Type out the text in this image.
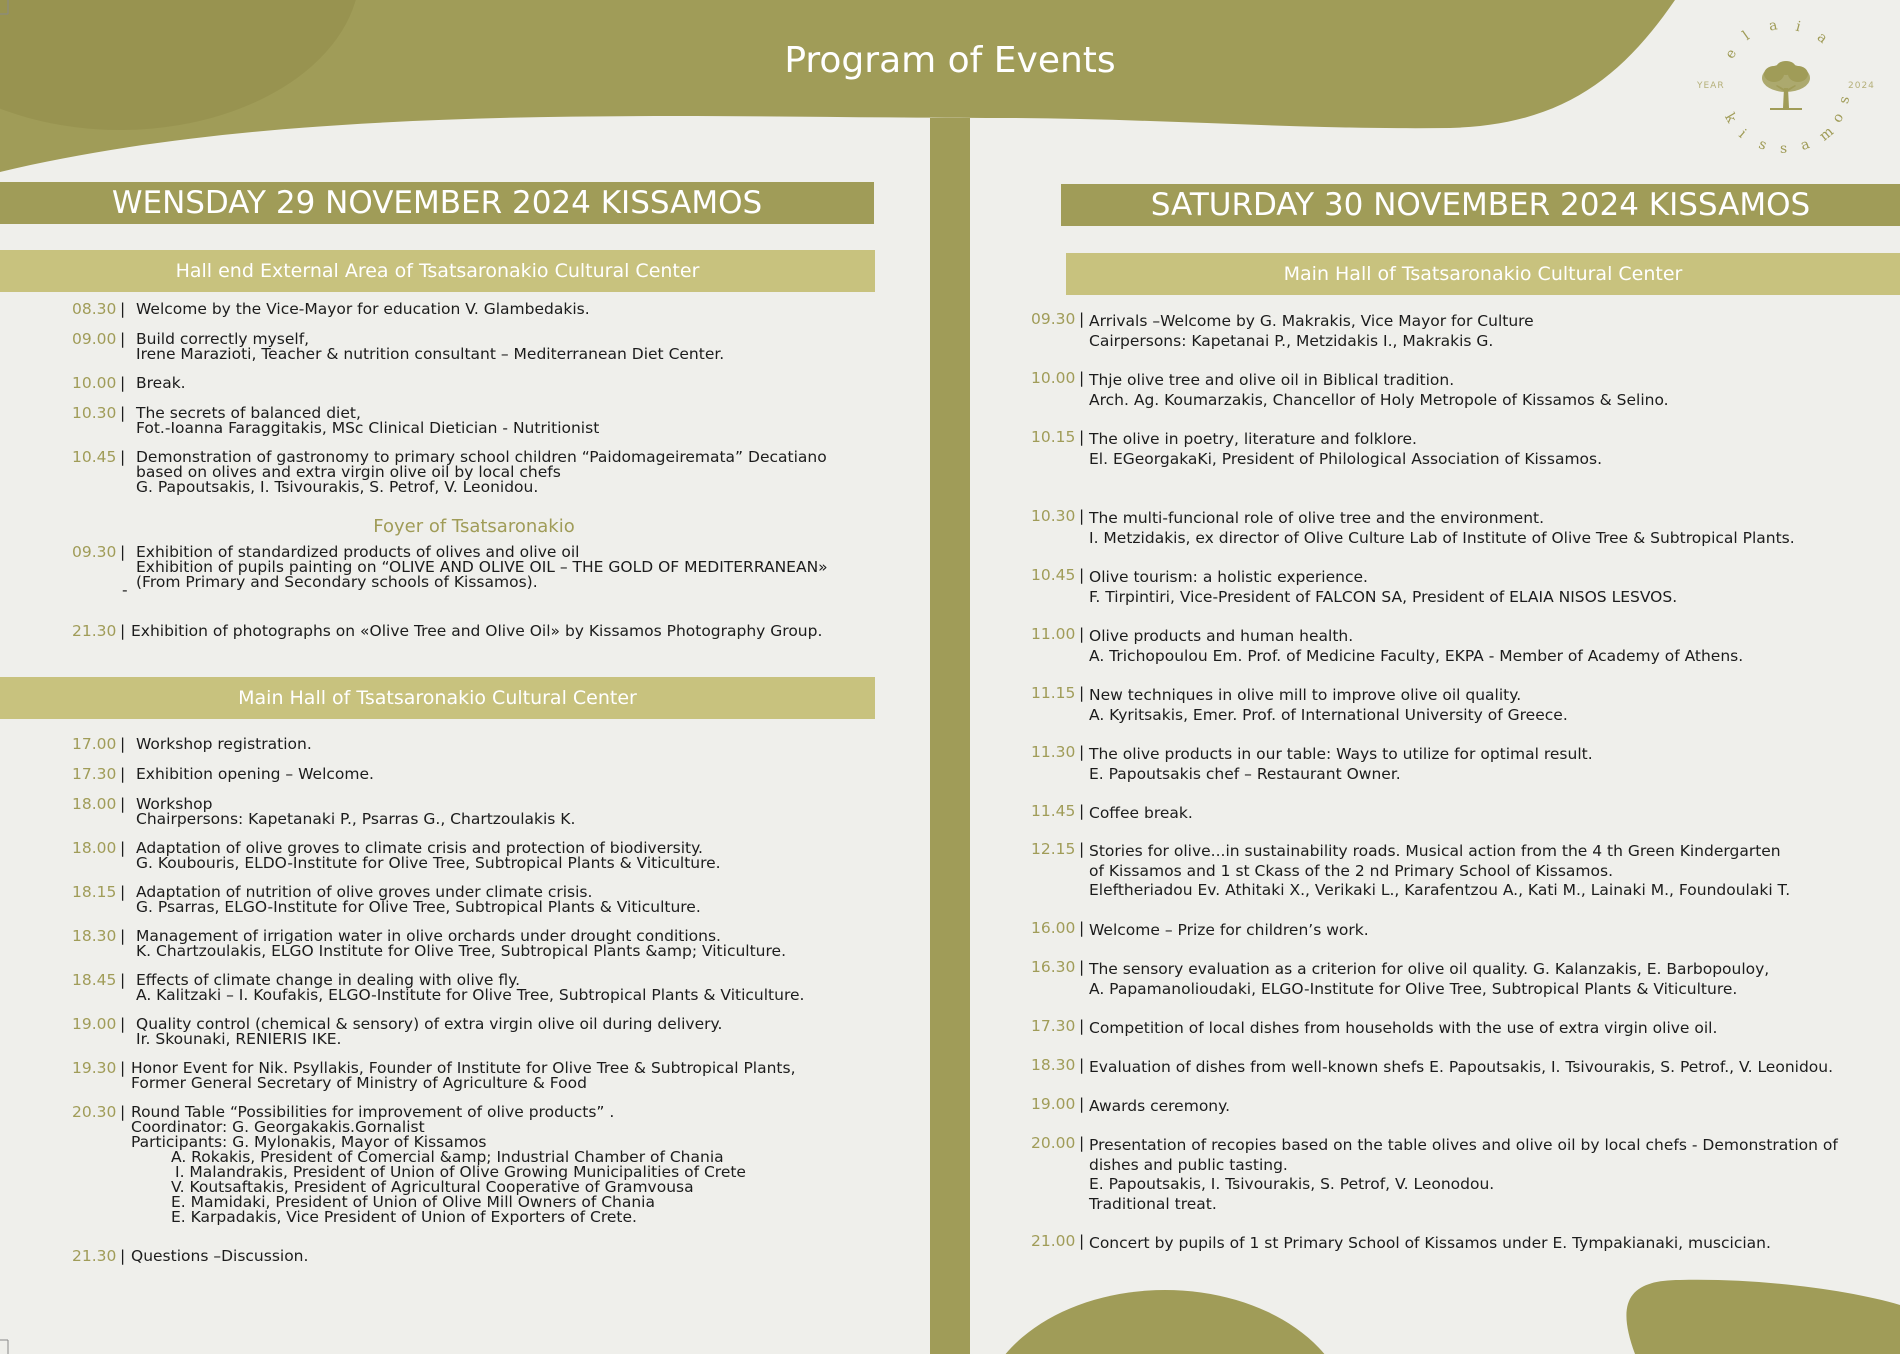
Program of Events
YEAR	2024
e
l
a i
a
k
i
s s a
m
o
s
WENSDAY 29 NOVEMBER 2024 KISSAMOS
Hall end External Area of Tsatsaronakio Cultural Center
08.30 | Welcome by the Vice-Mayor for education V. Glambedakis.
09.00 | Build correctly myself,
Irene Marazioti, Teacher & nutrition consultant – Mediterranean Diet Center.
10.00 | Break.
10.30 | The secrets of balanced diet,
Fot.-Ioanna Faraggitakis, MSc Clinical Dietician - Nutritionist
10.45 | Demonstration of gastronomy to primary school children “Paidomageiremata” Decatiano
based on olives and extra virgin olive oil by local chefs
G. Papoutsakis, I. Tsivourakis, S. Petrof, V. Leonidou.
Foyer of Tsatsaronakio
09.30 | Exhibition of standardized products of olives and olive oil
Exhibition of pupils painting on “OLIVE AND OLIVE OIL – THE GOLD OF MEDITERRANEAN»
(From Primary and Secondary schools of Kissamos).
21.30 | Exhibition of photographs on «Olive Tree and Olive Oil» by Kissamos Photography Group.
-
Main Hall of Tsatsaronakio Cultural Center
17.00 | Workshop registration.
17.30 | Exhibition opening – Welcome.
18.00 | Workshop
Chairpersons: Kapetanaki P., Psarras G., Chartzoulakis K.
18.00 | Adaptation of olive groves to climate crisis and protection of biodiversity.
G. Koubouris, ELDO-Institute for Olive Tree, Subtropical Plants & Viticulture.
18.15 | Adaptation of nutrition of olive groves under climate crisis.
G. Psarras, ELGO-Institute for Olive Tree, Subtropical Plants & Viticulture.
18.30 | Management of irrigation water in olive orchards under drought conditions.
K. Chartzoulakis, ELGO Institute for Olive Tree, Subtropical Plants &amp; Viticulture.
18.45 | Effects of climate change in dealing with olive fly.
A. Kalitzaki – I. Koufakis, ELGO-Institute for Olive Tree, Subtropical Plants & Viticulture.
19.00 | Quality control (chemical & sensory) of extra virgin olive oil during delivery.
Ir. Skounaki, RENIERIS IKE.
19.30 | Honor Event for Nik. Psyllakis, Founder of Institute for Olive Tree & Subtropical Plants,
Former General Secretary of Ministry of Agriculture & Food
20.30 | Round Table “Possibilities for improvement of olive products” .
Coordinator: G. Georgakakis.Gornalist
Participants: G. Mylonakis, Mayor of Kissamos
A. Rokakis, President of Comercial &amp; Industrial Chamber of Chania
I. Malandrakis, President of Union of Olive Growing Municipalities of Crete
V. Koutsaftakis, President of Agricultural Cooperative of Gramvousa
E. Mamidaki, President of Union of Olive Mill Owners of Chania
E. Karpadakis, Vice President of Union of Exporters of Crete.
21.30 | Questions –Discussion.
SATURDAY 30 NOVEMBER 2024 KISSAMOS
Main Hall of Tsatsaronakio Cultural Center
09.30 | Arrivals –Welcome by G. Makrakis, Vice Mayor for Culture
Cairpersons: Kapetanai P., Metzidakis I., Makrakis G.
10.00 | Thje olive tree and olive oil in Biblical tradition.
Arch. Ag. Koumarzakis, Chancellor of Holy Metropole of Kissamos & Selino.
10.15 | The olive in poetry, literature and folklore.
El. EGeorgakaKi, President of Philological Association of Kissamos.
10.30 | The multi-funcional role of olive tree and the environment.
I. Metzidakis, ex director of Olive Culture Lab of Institute of Olive Tree & Subtropical Plants.
10.45 | Olive tourism: a holistic experience.
F. Tirpintiri, Vice-President of FALCON SA, President of ELAIA NISOS LESVOS.
11.00 | Olive products and human health.
A. Trichopoulou Em. Prof. of Medicine Faculty, EKPA - Member of Academy of Athens.
11.15 | New techniques in olive mill to improve olive oil quality.
A. Kyritsakis, Emer. Prof. of International University of Greece.
11.30 | The olive products in our table: Ways to utilize for optimal result.
E. Papoutsakis chef – Restaurant Owner.
11.45 | Coffee break.
12.15 | Stories for olive...in sustainability roads. Musical action from the 4 th Green Kindergarten
of Kissamos and 1 st Ckass of the 2 nd Primary School of Kissamos.
Eleftheriadou Ev. Athitaki X., Verikaki L., Karafentzou A., Kati M., Lainaki M., Foundoulaki T.
16.00 | Welcome – Prize for children’s work.
16.30 | The sensory evaluation as a criterion for olive oil quality. G. Kalanzakis, E. Barbopouloy,
A. Papamanolioudaki, ELGO-Institute for Olive Tree, Subtropical Plants & Viticulture.
17.30 | Competition of local dishes from households with the use of extra virgin olive oil.
18.30 | Evaluation of dishes from well-known shefs E. Papoutsakis, I. Tsivourakis, S. Petrof., V. Leonidou.
19.00 | Awards ceremony.
20.00 | Presentation of recopies based on the table olives and olive oil by local chefs - Demonstration of
dishes and public tasting.
E. Papoutsakis, I. Tsivourakis, S. Petrof, V. Leonodou.
Traditional treat.
21.00 | Concert by pupils of 1 st Primary School of Kissamos under E. Tympakianaki, muscician.
